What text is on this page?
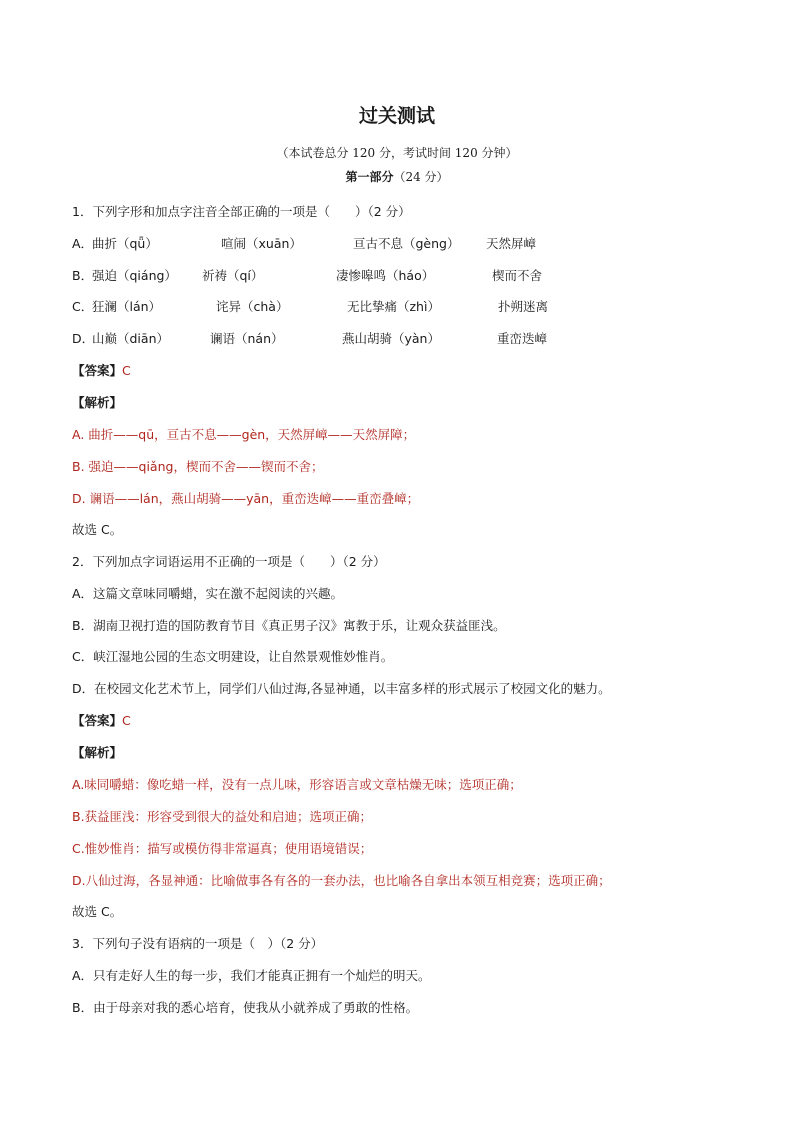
过关测试
（本试卷总分 120 分，考试时间 120 分钟）
第一部分（24 分）
1．下列字形和加点字注音全部正确的一项是（　　）（2 分）
A．
曲折（qǖ）	喧闹（xuān）	亘古不息（gèng） 天然屏嶂
B．
强迫（qiáng） 祈祷（qí）	凄惨嗥鸣（háo）	楔而不舍
C．
狂澜（lán）	诧异（chà）	无比挚痛（zhì）	扑朔迷离
D．
山巅（diān）	谰语（nán）	燕山胡骑（yàn）	重峦迭嶂
【答案】C
【解析】
A. 曲折——qū，亘古不息——gèn，天然屏嶂——天然屏障；
B. 强迫——qiǎng，楔而不舍——锲而不舍；
D. 谰语——lán，燕山胡骑——yān，重峦迭嶂——重峦叠嶂；
故选 C。
2．下列加点字词语运用不正确的一项是（　　）（2 分）
A．这篇文章味同嚼蜡，实在激不起阅读的兴趣。
B．湖南卫视打造的国防教育节目《真正男子汉》寓教于乐，让观众获益匪浅。
C．峡江湿地公园的生态文明建设，让自然景观惟妙惟肖。
D．在校园文化艺术节上，同学们八仙过海,各显神通，以丰富多样的形式展示了校园文化的魅力。
【答案】C
【解析】
A.味同嚼蜡：像吃蜡一样，没有一点儿味，形容语言或文章枯燥无味；选项正确；
B.获益匪浅：形容受到很大的益处和启迪；选项正确；
C.惟妙惟肖：描写或模仿得非常逼真；使用语境错误；
D.八仙过海，各显神通：比喻做事各有各的一套办法，也比喻各自拿出本领互相竞赛；选项正确；
故选 C。
3．下列句子没有语病的一项是（　）（2 分）
A．只有走好人生的每一步，我们才能真正拥有一个灿烂的明天。
B．由于母亲对我的悉心培育，使我从小就养成了勇敢的性格。
